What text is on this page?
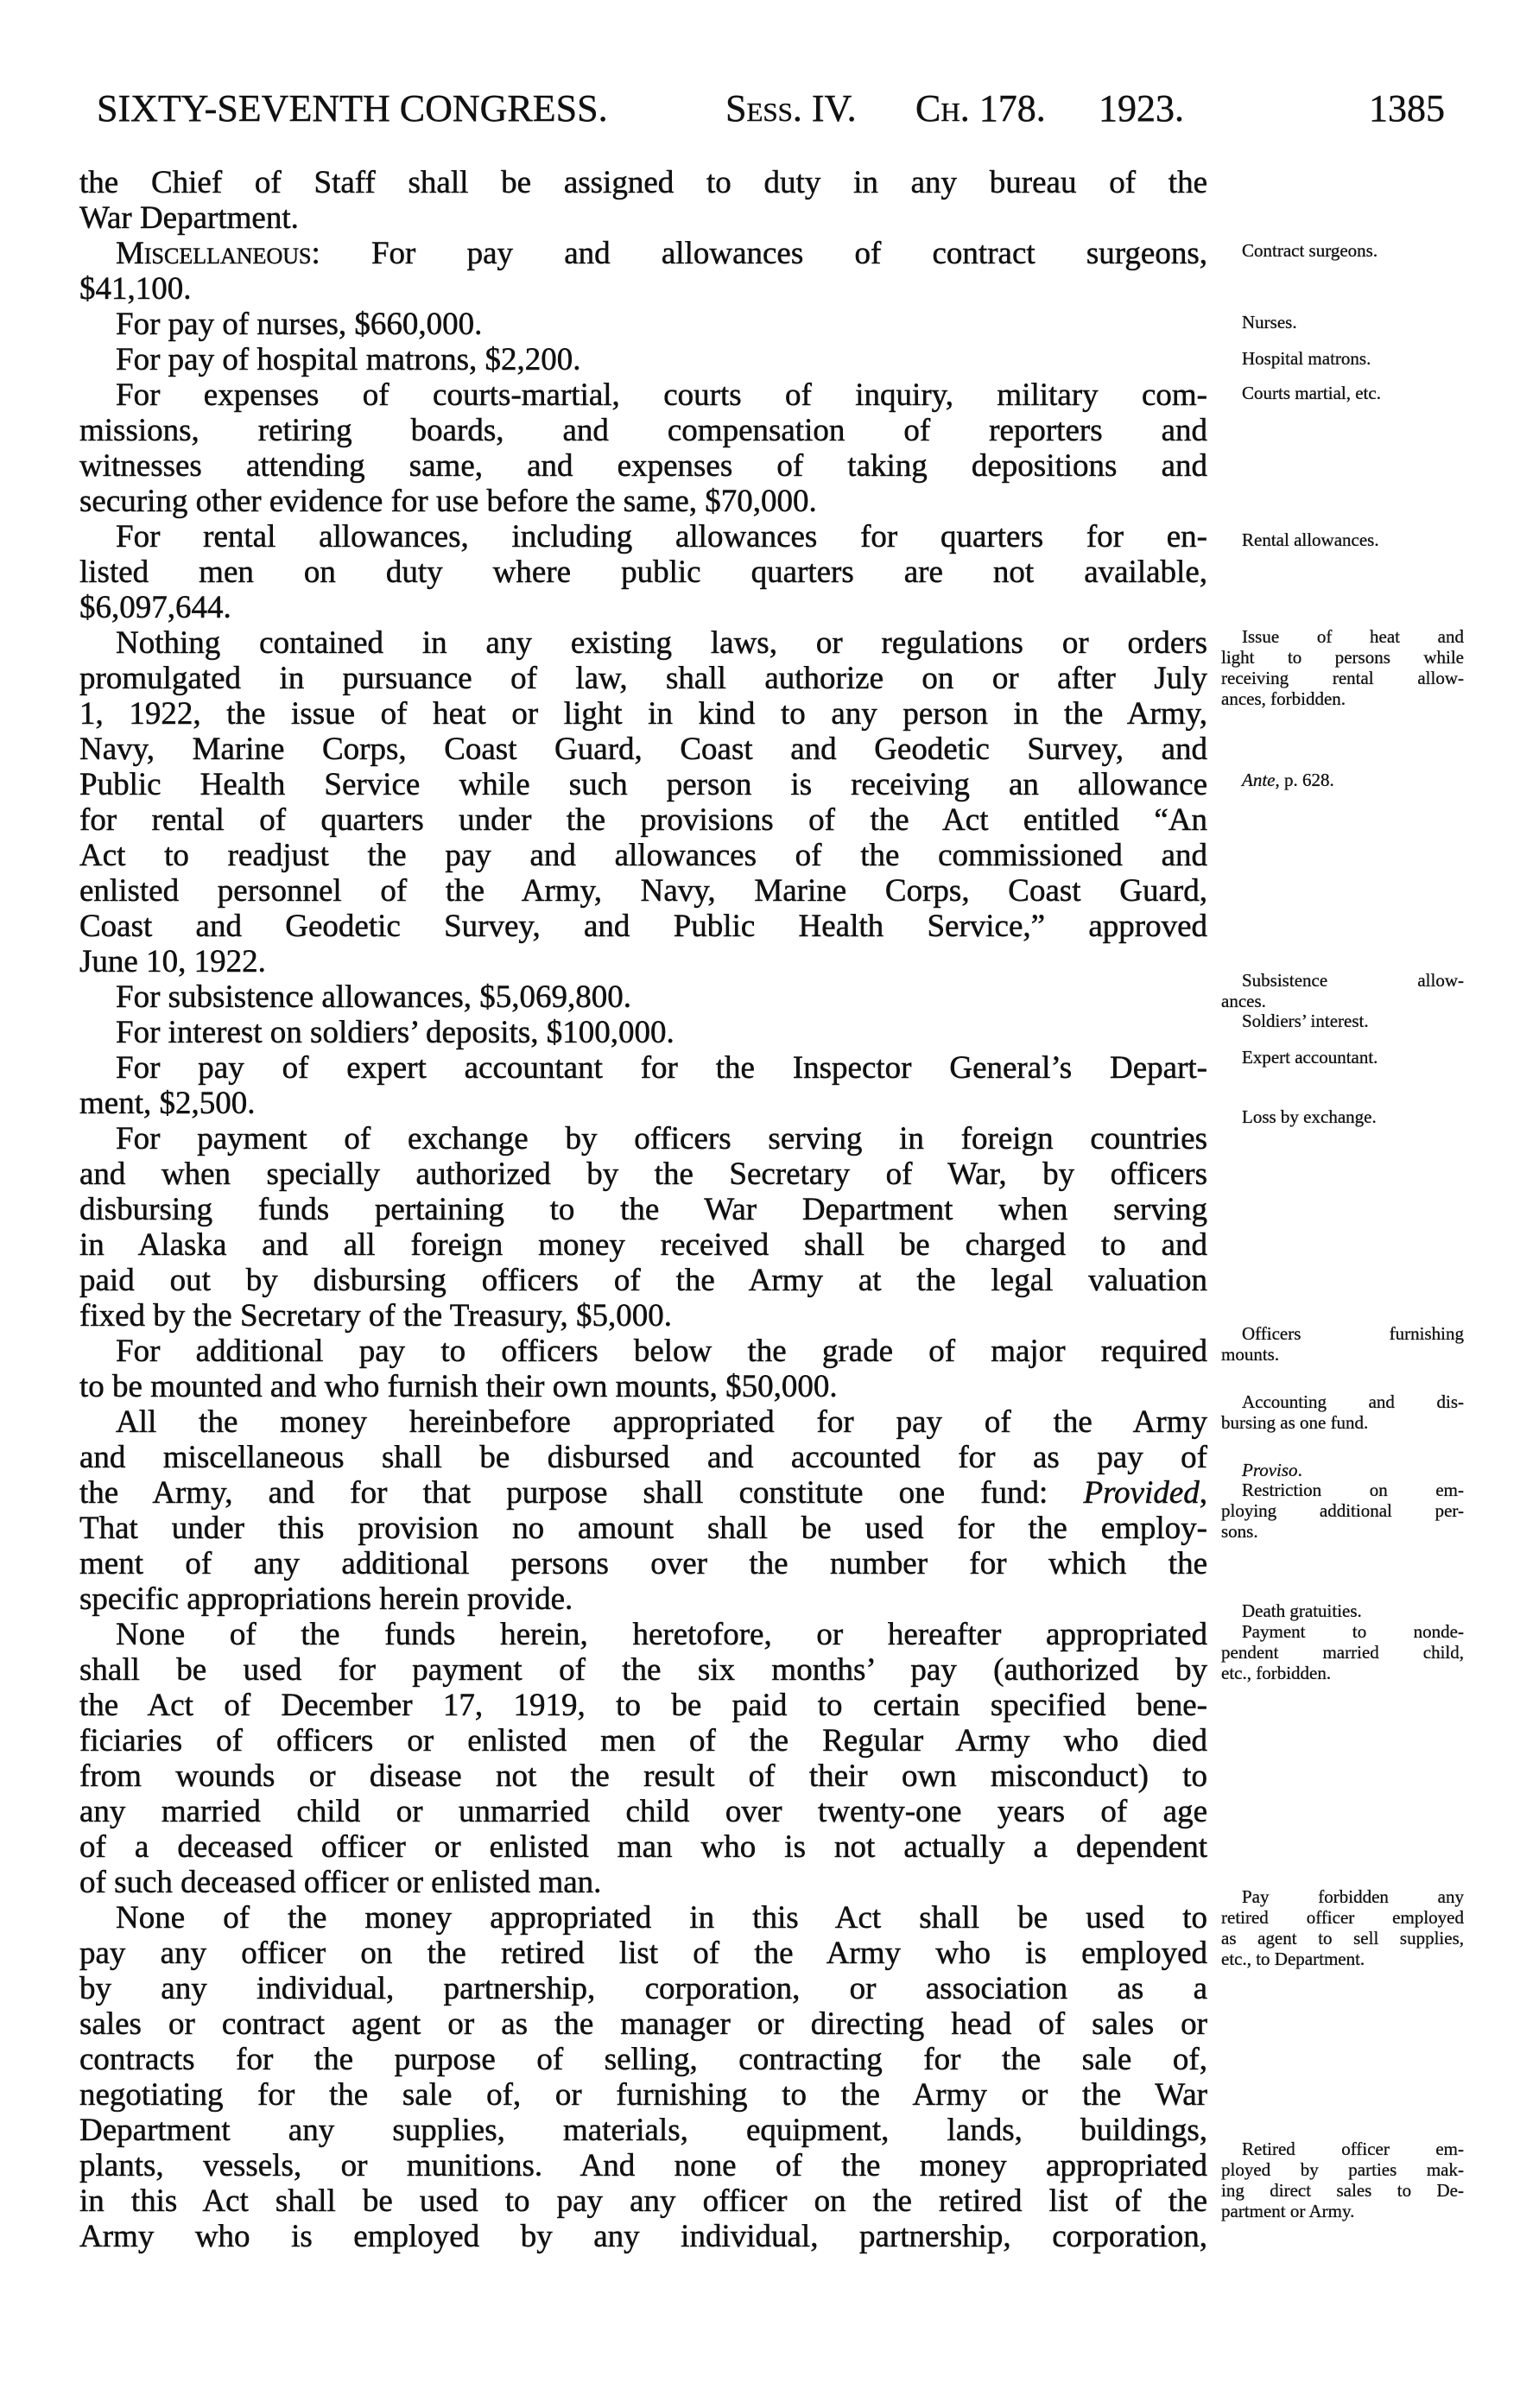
SIXTY-SEVENTH CONGRESS.	Sess. IV. Ch. 178. 1923.	1385
the Chief of Staff shall be assigned to duty in any bureau of the
War Department.
Miscellaneous: For pay and allowances of contract surgeons,
$41,100.
For pay of nurses, $660,000.
For pay of hospital matrons, $2,200.
For expenses of courts-martial, courts of inquiry, military com-
missions, retiring boards, and compensation of reporters and
witnesses attending same, and expenses of taking depositions and
securing other evidence for use before the same, $70,000.
For rental allowances, including allowances for quarters for en-
listed men on duty where public quarters are not available,
$6,097,644.
Nothing contained in any existing laws, or regulations or orders
promulgated in pursuance of law, shall authorize on or after July
1, 1922, the issue of heat or light in kind to any person in the Army,
Navy, Marine Corps, Coast Guard, Coast and Geodetic Survey, and
Public Health Service while such person is receiving an allowance
for rental of quarters under the provisions of the Act entitled “An
Act to readjust the pay and allowances of the commissioned and
enlisted personnel of the Army, Navy, Marine Corps, Coast Guard,
Coast and Geodetic Survey, and Public Health Service,” approved
June 10, 1922.
For subsistence allowances, $5,069,800.
For interest on soldiers’ deposits, $100,000.
For pay of expert accountant for the Inspector General’s Depart-
ment, $2,500.
For payment of exchange by officers serving in foreign countries
and when specially authorized by the Secretary of War, by officers
disbursing funds pertaining to the War Department when serving
in Alaska and all foreign money received shall be charged to and
paid out by disbursing officers of the Army at the legal valuation
fixed by the Secretary of the Treasury, $5,000.
For additional pay to officers below the grade of major required
to be mounted and who furnish their own mounts, $50,000.
All the money hereinbefore appropriated for pay of the Army
and miscellaneous shall be disbursed and accounted for as pay of
the Army, and for that purpose shall constitute one fund: Provided,
That under this provision no amount shall be used for the employ-
ment of any additional persons over the number for which the
specific appropriations herein provide.
None of the funds herein, heretofore, or hereafter appropriated
shall be used for payment of the six months’ pay (authorized by
the Act of December 17, 1919, to be paid to certain specified bene-
ficiaries of officers or enlisted men of the Regular Army who died
from wounds or disease not the result of their own misconduct) to
any married child or unmarried child over twenty-one years of age
of a deceased officer or enlisted man who is not actually a dependent
of such deceased officer or enlisted man.
None of the money appropriated in this Act shall be used to
pay any officer on the retired list of the Army who is employed
by any individual, partnership, corporation, or association as a
sales or contract agent or as the manager or directing head of sales or
contracts for the purpose of selling, contracting for the sale of,
negotiating for the sale of, or furnishing to the Army or the War
Department any supplies, materials, equipment, lands, buildings,
plants, vessels, or munitions. And none of the money appropriated
in this Act shall be used to pay any officer on the retired list of the
Army who is employed by any individual, partnership, corporation,
Contract surgeons.
Nurses.
Hospital matrons.
Courts martial, etc.
Rental allowances.
Issue of heat and
light to persons while
receiving rental allow-
ances, forbidden.
Ante, p. 628.
Subsistence allow-
ances.
Soldiers’ interest.
Expert accountant.
Loss by exchange.
Officers furnishing
mounts.
Accounting and dis-
bursing as one fund.
Proviso.
Restriction on em-
ploying additional per-
sons.
Death gratuities.
Payment to nonde-
pendent married child,
etc., forbidden.
Pay forbidden any
retired officer employed
as agent to sell supplies,
etc., to Department.
Retired officer em-
ployed by parties mak-
ing direct sales to De-
partment or Army.
